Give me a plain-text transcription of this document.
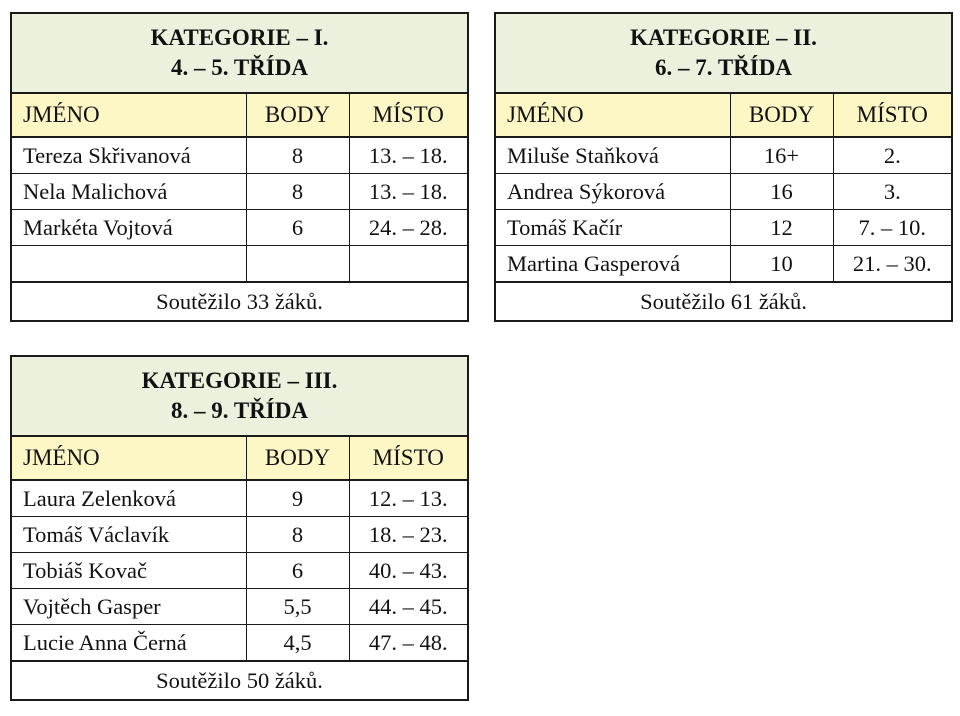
KATEGORIE – I.
4. – 5. TŘÍDA		

JMÉNO	BODY	MÍSTO
Tereza Skřivanová	8	13. – 18.
Nela Malichová	8	13. – 18.
Markéta Vojtová	6	24. – 28.

Soutěžilo 33 žáků.		
KATEGORIE – II.
6. – 7. TŘÍDA		

JMÉNO	BODY	MÍSTO
Miluše Staňková	16+	2.
Andrea Sýkorová	16	3.
Tomáš Kačír	12	7. – 10.
Martina Gasperová	10	21. – 30.
Soutěžilo 61 žáků.		
KATEGORIE – III.
8. – 9. TŘÍDA		

JMÉNO	BODY	MÍSTO
Laura Zelenková	9	12. – 13.
Tomáš Václavík	8	18. – 23.
Tobiáš Kovač	6	40. – 43.
Vojtěch Gasper	5,5	44. – 45.
Lucie Anna Černá	4,5	47. – 48.
Soutěžilo 50 žáků.		
